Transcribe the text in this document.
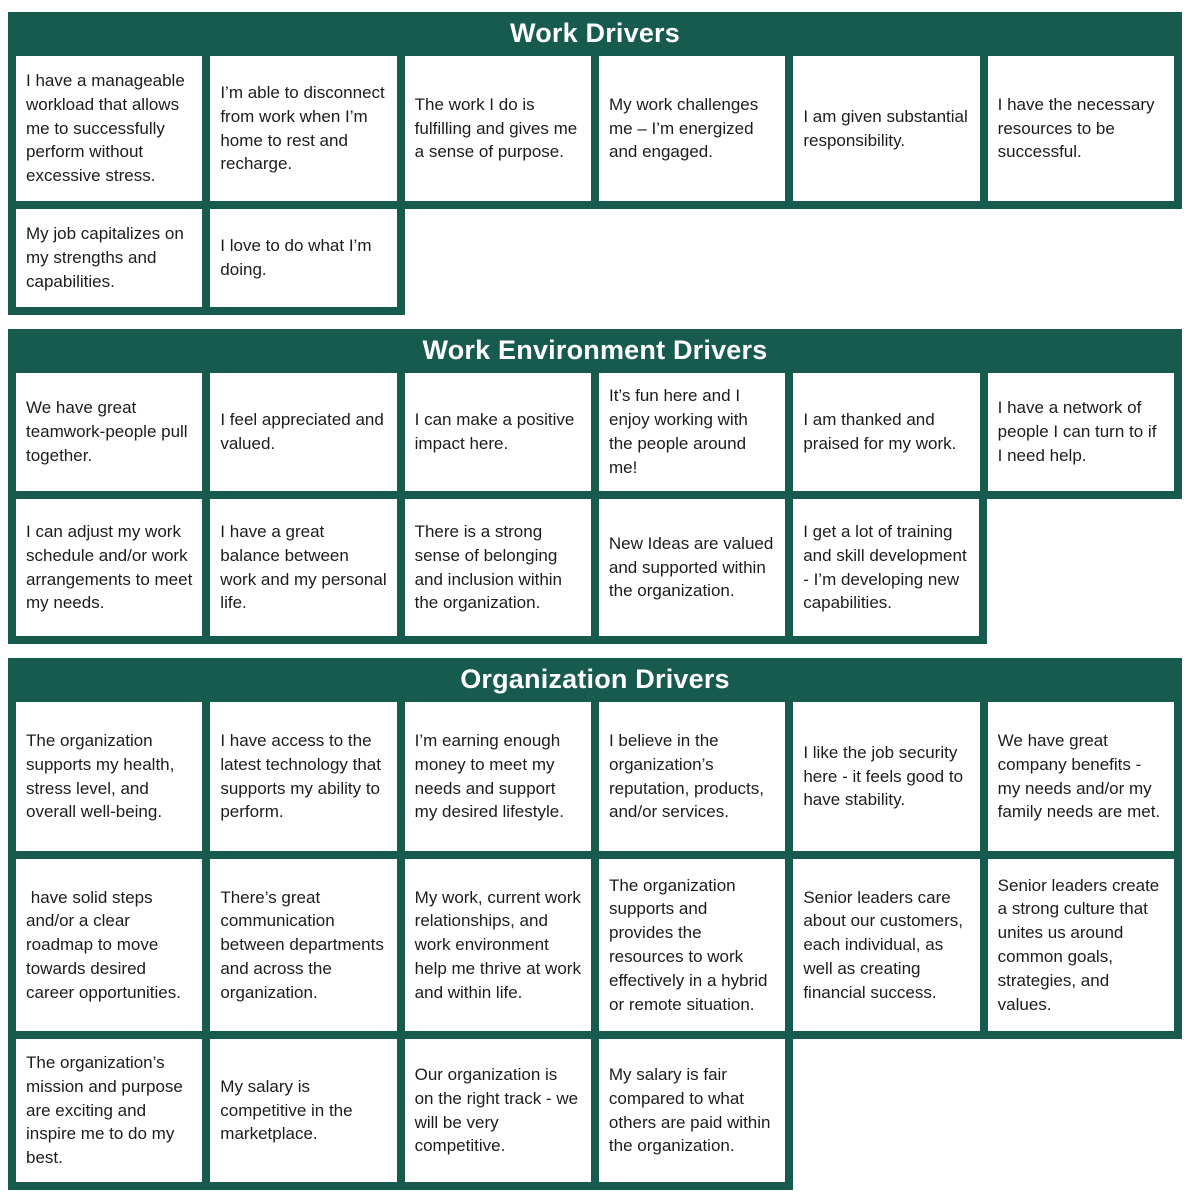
Work Drivers
I have a manageable workload that allows me to successfully perform without excessive stress.
I’m able to disconnect from work when I’m home to rest and recharge.
The work I do is fulfilling and gives me a sense of purpose.
My work challenges me – I’m energized and engaged.
I am given substantial responsibility.
I have the necessary resources to be successful.
My job capitalizes on my strengths and capabilities.
I love to do what I’m doing.
Work Environment Drivers
We have great teamwork-people pull together.
I feel appreciated and valued.
I can make a positive impact here.
It’s fun here and I enjoy working with the people around me!
I am thanked and praised for my work.
I have a network of people I can turn to if I need help.
I can adjust my work schedule and/or work arrangements to meet my needs.
I have a great balance between work and my personal life.
There is a strong sense of belonging and inclusion within the organization.
New Ideas are valued and supported within the organization.
I get a lot of training and skill development - I’m developing new capabilities.
Organization Drivers
The organization supports my health, stress level, and overall well-being.
I have access to the latest technology that supports my ability to perform.
I’m earning enough money to meet my needs and support my desired lifestyle.
I believe in the organization’s reputation, products, and/or services.
I like the job security here - it feels good to have stability.
We have great company benefits - my needs and/or my family needs are met.
have solid steps and/or a clear roadmap to move towards desired career opportunities.
There’s great communication between departments and across the organization.
My work, current work relationships, and work environment help me thrive at work and within life.
The organization supports and provides the resources to work effectively in a hybrid or remote situation.
Senior leaders care about our customers, each individual, as well as creating financial success.
Senior leaders create a strong culture that unites us around common goals, strategies, and values.
The organization’s mission and purpose are exciting and inspire me to do my best.
My salary is competitive in the marketplace.
Our organization is on the right track - we will be very competitive.
My salary is fair compared to what others are paid within the organization.
